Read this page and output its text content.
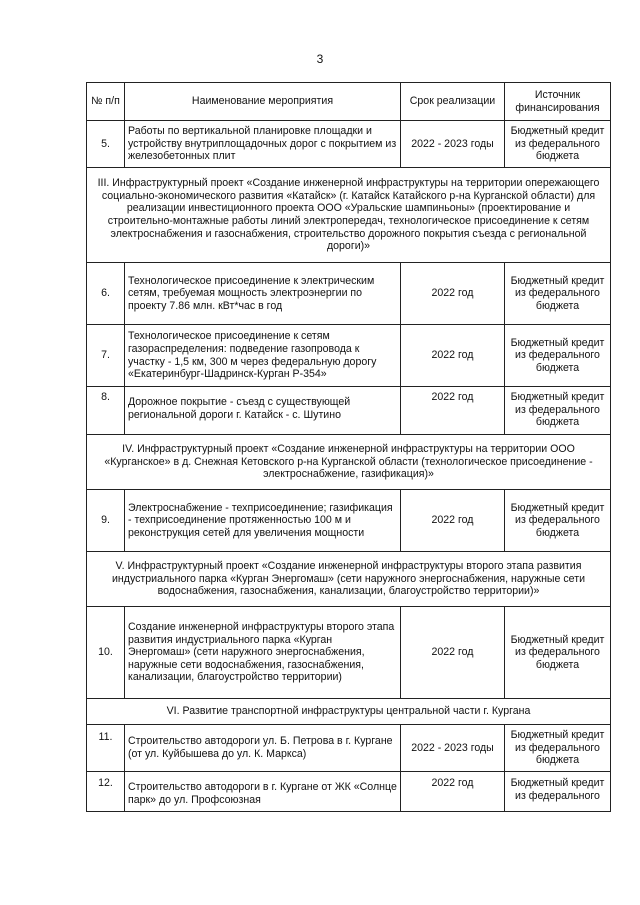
3
№ п/п	Наименование мероприятия	Срок реализации	Источник финансирования
5.	Работы по вертикальной планировке площадки и устройству внутриплощадочных дорог с покрытием из железобетонных плит	2022 - 2023 годы	Бюджетный кредит из федерального бюджета
III. Инфраструктурный проект «Создание инженерной инфраструктуры на территории опережающего социально-экономического развития «Катайск» (г. Катайск Катайского р-на Курганской области) для реализации инвестиционного проекта ООО «Уральские шампиньоны» (проектирование и строительно-монтажные работы линий электропередач, технологическое присоединение к сетям электроснабжения и газоснабжения, строительство дорожного покрытия съезда с региональной дороги)»			
6.	Технологическое присоединение к электрическим сетям, требуемая мощность электроэнергии по проекту 7.86 млн. кВт*час в год	2022 год	Бюджетный кредит из федерального бюджета
7.	Технологическое присоединение к сетям газораспределения: подведение газопровода к участку - 1,5 км, 300 м через федеральную дорогу «Екатеринбург-Шадринск-Курган Р-354»	2022 год	Бюджетный кредит из федерального бюджета
8.	Дорожное покрытие - съезд с существующей региональной дороги г. Катайск - с. Шутино	2022 год	Бюджетный кредит из федерального бюджета
IV. Инфраструктурный проект «Создание инженерной инфраструктуры на территории ООО «Курганское» в д. Снежная Кетовского р-на Курганской области (технологическое присоединение - электроснабжение, газификация)»			
9.	Электроснабжение - техприсоединение; газификация - техприсоединение протяженностью 100 м и реконструкция сетей для увеличения мощности	2022 год	Бюджетный кредит из федерального бюджета
V. Инфраструктурный проект «Создание инженерной инфраструктуры второго этапа развития индустриального парка «Курган Энергомаш» (сети наружного энергоснабжения, наружные сети водоснабжения, газоснабжения, канализации, благоустройство территории)»			
10.	Создание инженерной инфраструктуры второго этапа развития индустриального парка «Курган Энергомаш» (сети наружного энергоснабжения, наружные сети водоснабжения, газоснабжения, канализации, благоустройство территории)	2022 год	Бюджетный кредит из федерального бюджета
VI. Развитие транспортной инфраструктуры центральной части г. Кургана			
11.	Строительство автодороги ул. Б. Петрова в г. Кургане (от ул. Куйбышева до ул. К. Маркса)	2022 - 2023 годы	Бюджетный кредит из федерального бюджета
12.	Строительство автодороги в г. Кургане от ЖК «Солнце парк» до ул. Профсоюзная	2022 год	Бюджетный кредит из федерального
